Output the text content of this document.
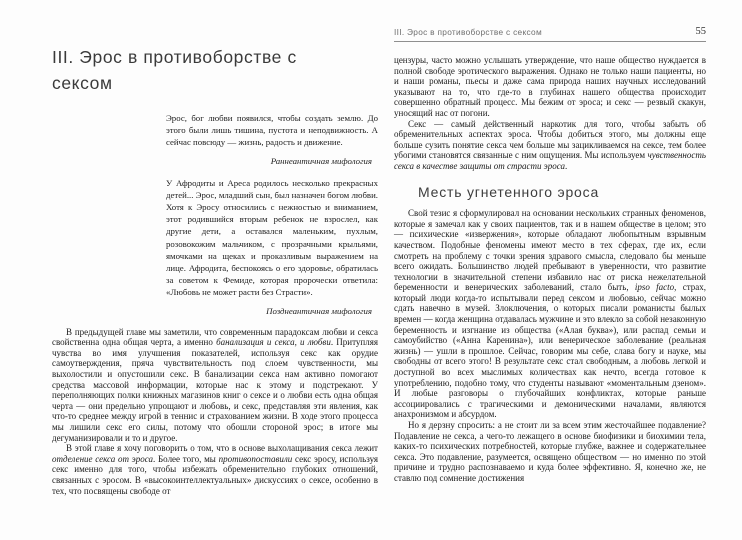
III. Эрос в противоборстве с сексом

Эрос, бог любви появился, чтобы создать землю. До этого были лишь тишина, пустота и неподвижность. А сейчас повсюду — жизнь, радость и движение.

Раннеантичная мифология

У Афродиты и Ареса родилось несколько прекрасных детей... Эрос, младший сын, был назначен богом любви. Хотя к Эросу относились с нежностью и вниманием, этот родившийся вторым ребенок не взрослел, как другие дети, а оставался маленьким, пухлым, розовокожим мальчиком, с прозрачными крыльями, ямочками на щеках и проказливым выражением на лице. Афродита, беспокоясь о его здоровье, обратилась за советом к Фемиде, которая пророчески ответила: «Любовь не может расти без Страсти».

Позднеантичная мифология

В предыдущей главе мы заметили, что современным парадоксам любви и секса свойственна одна общая черта, а именно банализация и секса, и любви. Притупляя чувства во имя улучшения показателей, используя секс как орудие самоутверждения, пряча чувствительность под слоем чувственности, мы выхолостили и опустошили секс. В банализации секса нам активно помогают средства массовой информации, которые нас к этому и подстрекают. У переполняющих полки книжных магазинов книг о сексе и о любви есть одна общая черта — они предельно упрощают и любовь, и секс, представляя эти явления, как что-то среднее между игрой в теннис и страхованием жизни. В ходе этого процесса мы лишили секс его силы, потому что обошли стороной эрос; в итоге мы дегуманизировали и то и другое.

В этой главе я хочу поговорить о том, что в основе выхолащивания секса лежит отделение секса от эроса. Более того, мы противопоставили секс эросу, используя секс именно для того, чтобы избежать обременительно глубоких отношений, связанных с эросом. В «высокоинтеллектуальных» дискуссиях о сексе, особенно в тех, что посвящены свободе от

III. Эрос в противоборстве с сексом	55

цензуры, часто можно услышать утверждение, что наше общество нуждается в полной свободе эротического выражения. Однако не только наши пациенты, но и наши романы, пьесы и даже сама природа наших научных исследований указывают на то, что где-то в глубинах нашего общества происходит совершенно обратный процесс. Мы бежим от эроса; и секс — резвый скакун, уносящий нас от погони.

Секс — самый действенный наркотик для того, чтобы забыть об обременительных аспектах эроса. Чтобы добиться этого, мы должны еще больше сузить понятие секса чем больше мы зацикливаемся на сексе, тем более убогими становятся связанные с ним ощущения. Мы используем чувственность секса в качестве защиты от страсти эроса.

Месть угнетенного эроса

Свой тезис я сформулировал на основании нескольких странных феноменов, которые я замечал как у своих пациентов, так и в нашем обществе в целом; это — психические «извержения», которые обладают любопытным взрывным качеством. Подобные феномены имеют место в тех сферах, где их, если смотреть на проблему с точки зрения здравого смысла, следовало бы меньше всего ожидать. Большинство людей пребывают в уверенности, что развитие технологии в значительной степени избавило нас от риска нежелательной беременности и венерических заболеваний, стало быть, ipso facto, страх, который люди когда-то испытывали перед сексом и любовью, сейчас можно сдать навечно в музей. Злоключения, о которых писали романисты былых времен — когда женщина отдавалась мужчине и это влекло за собой незаконную беременность и изгнание из общества («Алая буква»), или распад семьи и самоубийство («Анна Каренина»), или венерическое заболевание (реальная жизнь) — ушли в прошлое. Сейчас, говорим мы себе, слава богу и науке, мы свободны от всего этого! В результате секс стал свободным, а любовь легкой и доступной во всех мыслимых количествах как нечто, всегда готовое к употреблению, подобно тому, что студенты называют «моментальным дзеном». И любые разговоры о глубочайших конфликтах, которые раньше ассоциировались с трагическими и демоническими началами, являются анахронизмом и абсурдом.

Но я дерзну спросить: а не стоит ли за всем этим жесточайшее подавление? Подавление не секса, а чего-то лежащего в основе биофизики и биохимии тела, каких-то психических потребностей, которые глубже, важнее и содержательнее секса. Это подавление, разумеется, освящено обществом — но именно по этой причине и трудно распознаваемо и куда более эффективно. Я, конечно же, не ставлю под сомнение достижения
